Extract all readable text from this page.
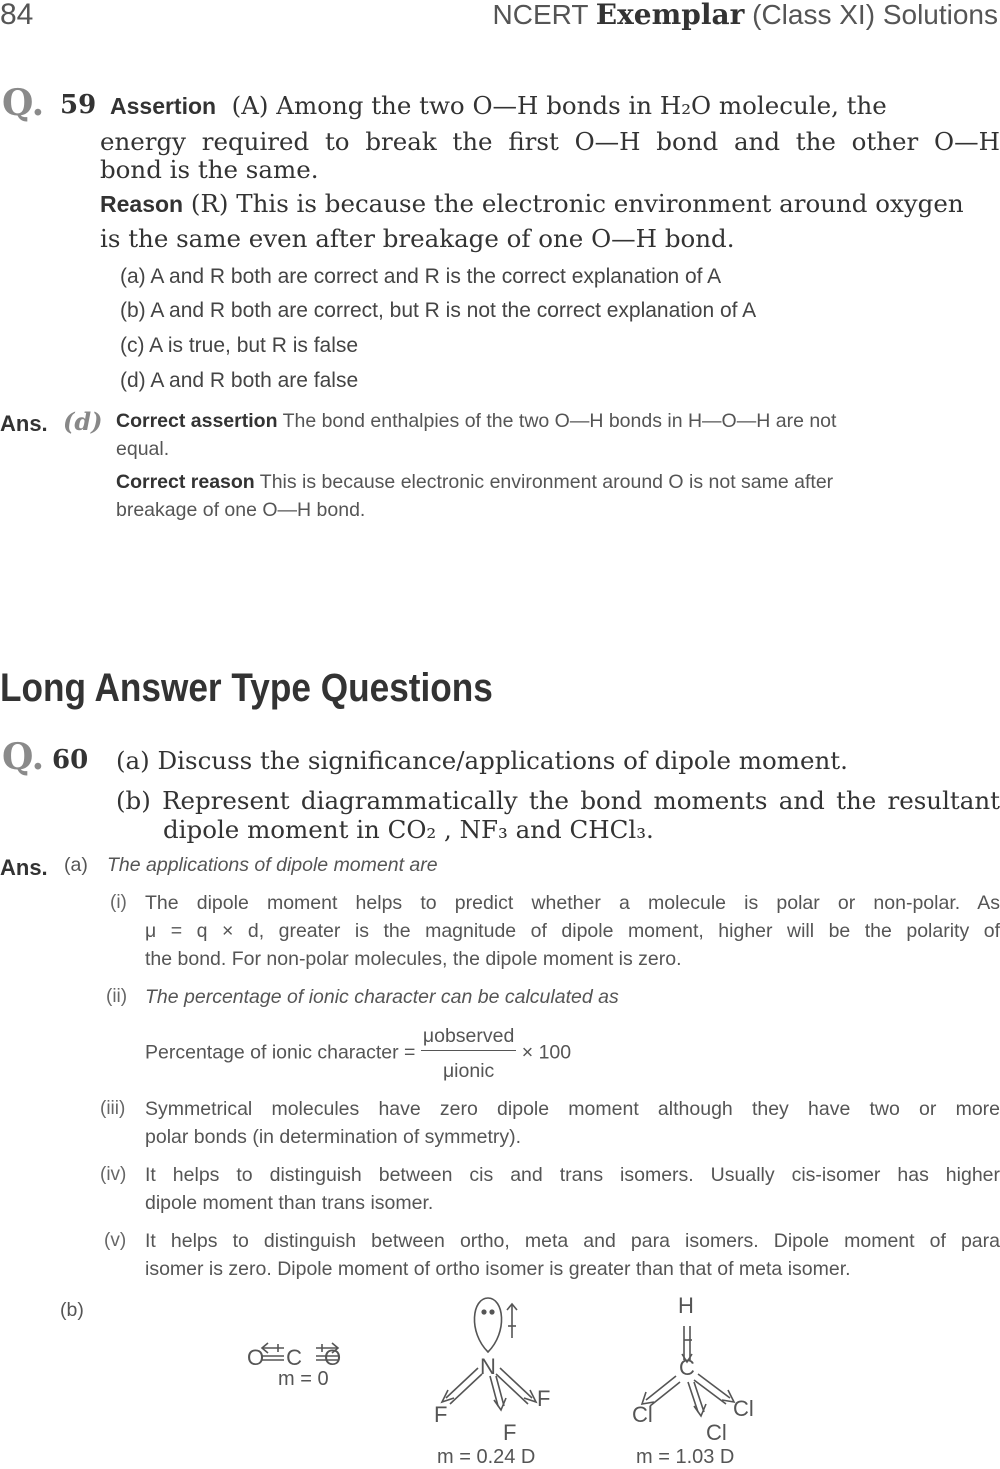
84	NCERT Exemplar (Class XI) Solutions
Q. 59 Assertion (A) Among the two O—H bonds in H₂O molecule, the
energy required to break the first O—H bond and the other O—H
bond is the same.
Reason (R) This is because the electronic environment around oxygen
is the same even after breakage of one O—H bond.
(a) A and R both are correct and R is the correct explanation of A
(b) A and R both are correct, but R is not the correct explanation of A
(c) A is true, but R is false
(d) A and R both are false
Ans. (d) Correct assertion The bond enthalpies of the two O—H bonds in H—O—H are not
equal.
Correct reason This is because electronic environment around O is not same after
breakage of one O—H bond.
Long Answer Type Questions
Q. 60 (a) Discuss the significance/applications of dipole moment.
(b) Represent diagrammatically the bond moments and the resultant
dipole moment in CO₂ , NF₃ and CHCl₃.
Ans. (a) The applications of dipole moment are
(i) The dipole moment helps to predict whether a molecule is polar or non-polar. As
μ = q × d, greater is the magnitude of dipole moment, higher will be the polarity of
the bond. For non-polar molecules, the dipole moment is zero.
(ii) The percentage of ionic character can be calculated as
Percentage of ionic character = $\frac{\text{μobserved}}{\text{μionic}} \times 100$
(iii) Symmetrical molecules have zero dipole moment although they have two or more
polar bonds (in determination of symmetry).
(iv) It helps to distinguish between cis and trans isomers. Usually cis-isomer has higher
dipole moment than trans isomer.
(v) It helps to distinguish between ortho, meta and para isomers. Dipole moment of para
isomer is zero. Dipole moment of ortho isomer is greater than that of meta isomer.
(b)
O C O
m = 0	N
F
F
F
m = 0.24 D
H
C
Cl	Cl
Cl
m = 1.03 D
